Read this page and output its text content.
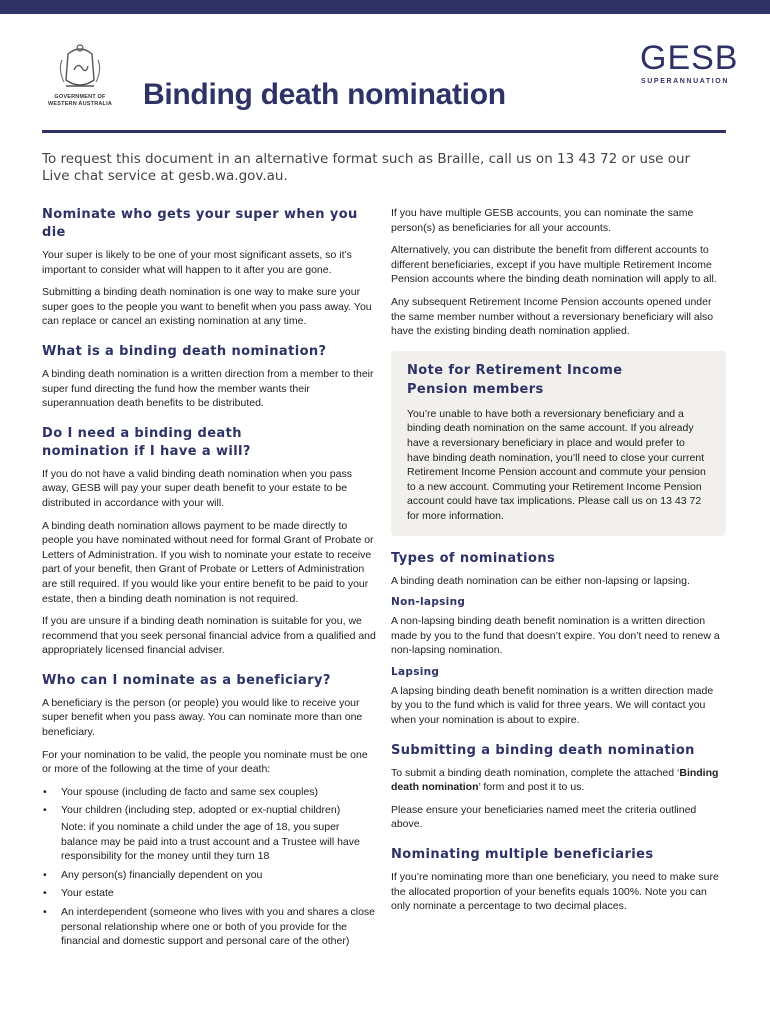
GOVERNMENT OF
WESTERN AUSTRALIA Binding death nomination
GESB
SUPERANNUATION
To request this document in an alternative format such as Braille, call us on 13 43 72 or use our Live chat service at gesb.wa.gov.au.
Nominate who gets your super when you die

Your super is likely to be one of your most significant assets, so it’s important to consider what will happen to it after you are gone.

Submitting a binding death nomination is one way to make sure your super goes to the people you want to benefit when you pass away. You can replace or cancel an existing nomination at any time.

What is a binding death nomination?

A binding death nomination is a written direction from a member to their super fund directing the fund how the member wants their superannuation death benefits to be distributed.

Do I need a binding death nomination if I have a will?

If you do not have a valid binding death nomination when you pass away, GESB will pay your super death benefit to your estate to be distributed in accordance with your will.

A binding death nomination allows payment to be made directly to people you have nominated without need for formal Grant of Probate or Letters of Administration. If you wish to nominate your estate to receive part of your benefit, then Grant of Probate or Letters of Administration are still required. If you would like your entire benefit to be paid to your estate, then a binding death nomination is not required.

If you are unsure if a binding death nomination is suitable for you, we recommend that you seek personal financial advice from a qualified and appropriately licensed financial adviser.

Who can I nominate as a beneficiary?

A beneficiary is the person (or people) you would like to receive your super benefit when you pass away. You can nominate more than one beneficiary.

For your nomination to be valid, the people you nominate must be one or more of the following at the time of your death:

• Your spouse (including de facto and same sex couples)
• Your children (including step, adopted or ex-nuptial children)
Note: if you nominate a child under the age of 18, you super balance may be paid into a trust account and a Trustee will have responsibility for the money until they turn 18
• Any person(s) financially dependent on you
• Your estate
• An interdependent (someone who lives with you and shares a close personal relationship where one or both of you provide for the financial and domestic support and personal care of the other)

If you have multiple GESB accounts, you can nominate the same person(s) as beneficiaries for all your accounts.

Alternatively, you can distribute the benefit from different accounts to different beneficiaries, except if you have multiple Retirement Income Pension accounts where the binding death nomination will apply to all.

Any subsequent Retirement Income Pension accounts opened under the same member number without a reversionary beneficiary will also have the existing binding death nomination applied.

Note for Retirement Income Pension members

You’re unable to have both a reversionary beneficiary and a binding death nomination on the same account. If you already have a reversionary beneficiary in place and would prefer to have binding death nomination, you’ll need to close your current Retirement Income Pension account and commute your pension to a new account. Commuting your Retirement Income Pension account could have tax implications. Please call us on 13 43 72 for more information.

Types of nominations

A binding death nomination can be either non-lapsing or lapsing.

Non-lapsing

A non-lapsing binding death benefit nomination is a written direction made by you to the fund that doesn’t expire. You don’t need to renew a non-lapsing nomination.

Lapsing

A lapsing binding death benefit nomination is a written direction made by you to the fund which is valid for three years. We will contact you when your nomination is about to expire.

Submitting a binding death nomination

To submit a binding death nomination, complete the attached ‘Binding death nomination’ form and post it to us.

Please ensure your beneficiaries named meet the criteria outlined above.

Nominating multiple beneficiaries

If you’re nominating more than one beneficiary, you need to make sure the allocated proportion of your benefits equals 100%. Note you can only nominate a percentage to two decimal places.
